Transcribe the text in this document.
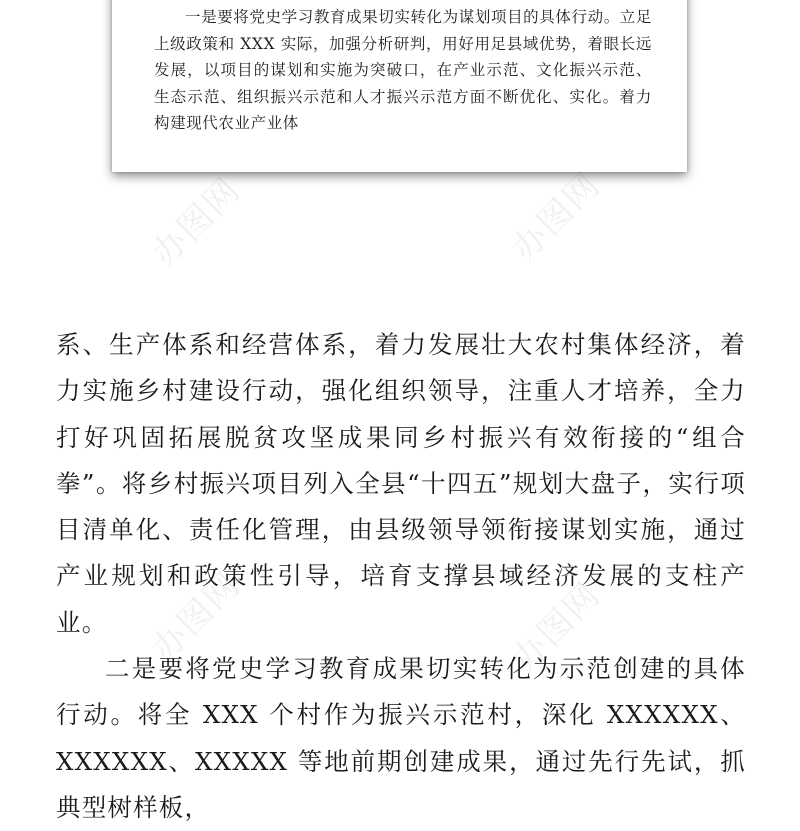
一是要将党史学习教育成果切实转化为谋划项目的具体行动。立足上级政策和 XXX 实际，加强分析研判，用好用足县域优势，着眼长远发展，以项目的谋划和实施为突破口，在产业示范、文化振兴示范、生态示范、组织振兴示范和人才振兴示范方面不断优化、实化。着力构建现代农业产业体

办图网	办图网
办图网	办图网

系、生产体系和经营体系，着力发展壮大农村集体经济，着力实施乡村建设行动，强化组织领导，注重人才培养，全力打好巩固拓展脱贫攻坚成果同乡村振兴有效衔接的“组合拳”。将乡村振兴项目列入全县“十四五”规划大盘子，实行项目清单化、责任化管理，由县级领导领衔接谋划实施，通过产业规划和政策性引导，培育支撑县域经济发展的支柱产业。

二是要将党史学习教育成果切实转化为示范创建的具体行动。将全 XXX 个村作为振兴示范村，深化 XXXXXX、XXXXXX、XXXXX 等地前期创建成果，通过先行先试，抓典型树样板，
